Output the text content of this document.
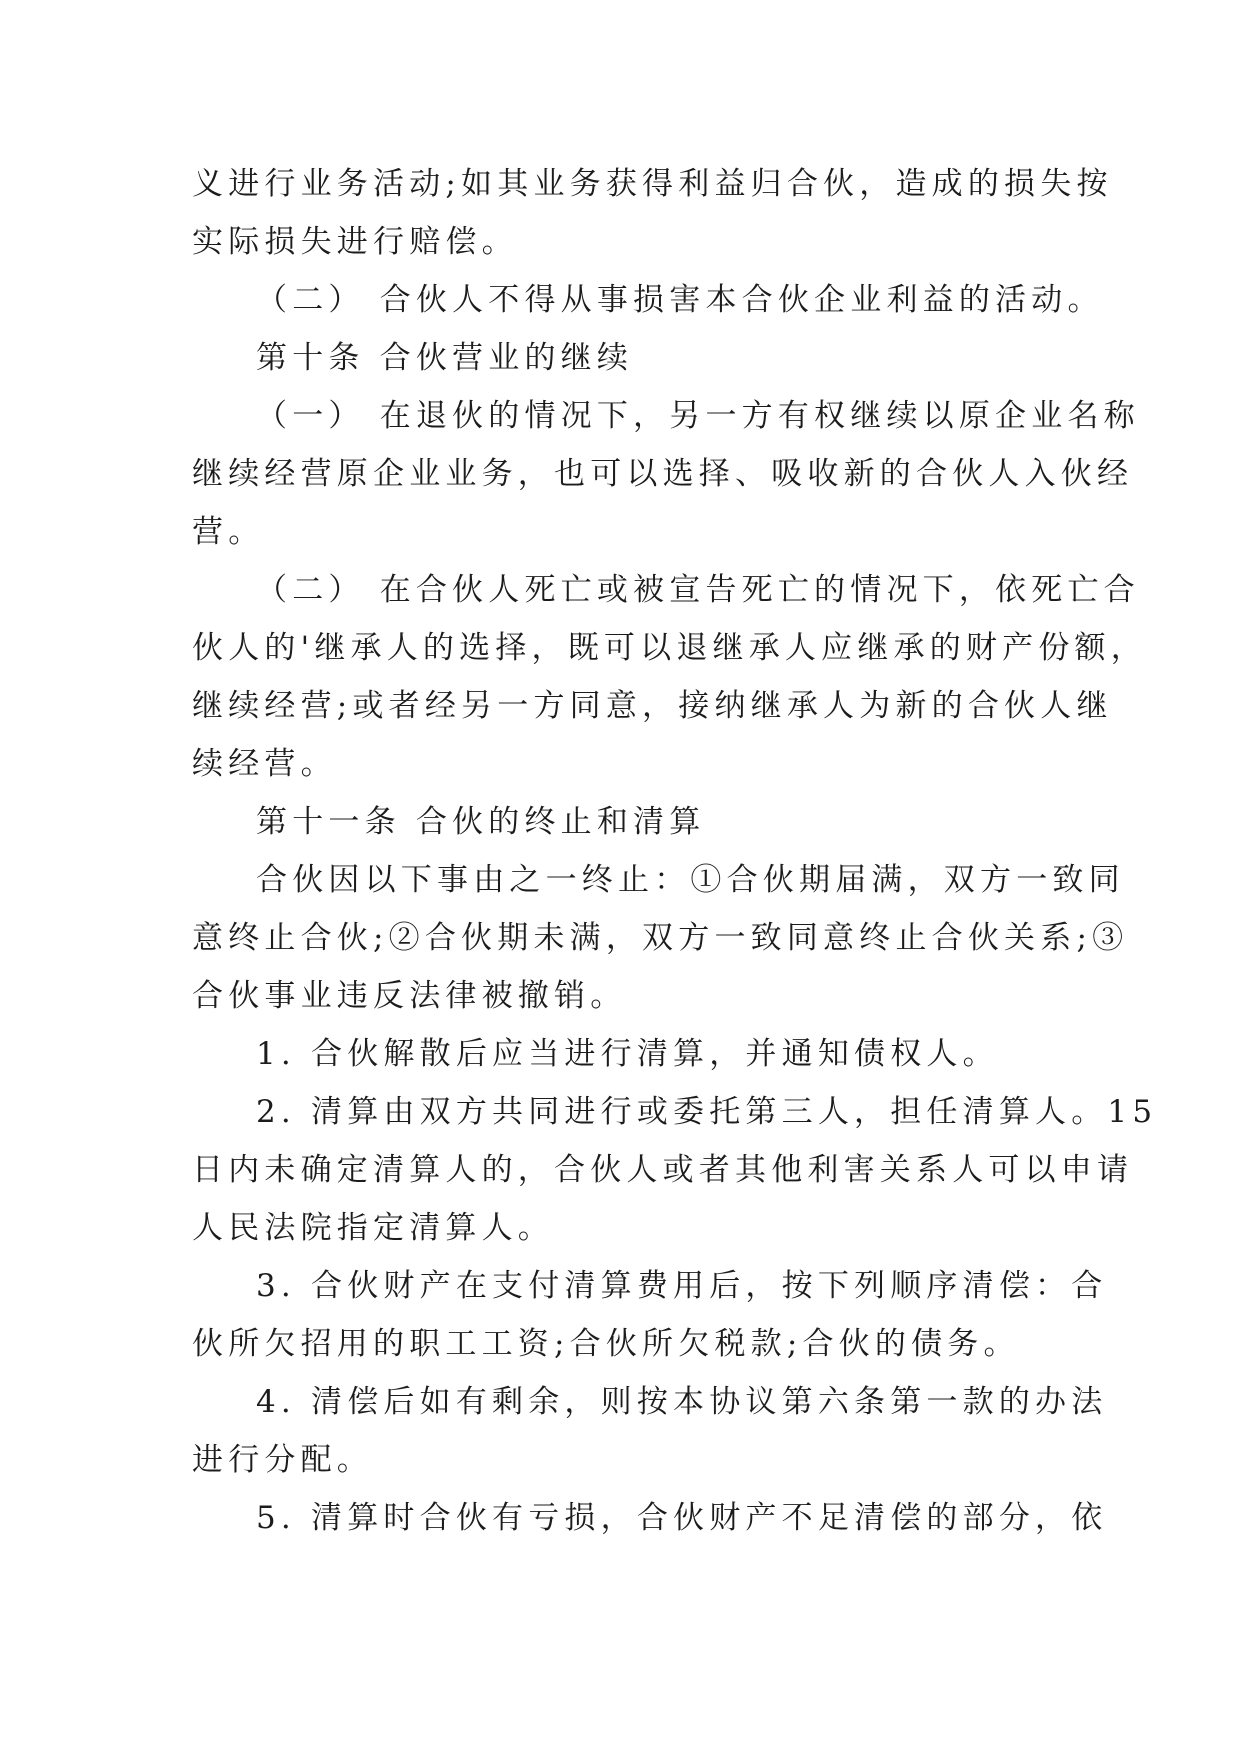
义进行业务活动;如其业务获得利益归合伙，造成的损失按
实际损失进行赔偿。
（二） 合伙人不得从事损害本合伙企业利益的活动。
第十条 合伙营业的继续
（一） 在退伙的情况下，另一方有权继续以原企业名称
继续经营原企业业务，也可以选择、吸收新的合伙人入伙经
营。
（二） 在合伙人死亡或被宣告死亡的情况下，依死亡合
伙人的'继承人的选择，既可以退继承人应继承的财产份额，
继续经营;或者经另一方同意，接纳继承人为新的合伙人继
续经营。
第十一条 合伙的终止和清算
合伙因以下事由之一终止：①合伙期届满，双方一致同
意终止合伙;②合伙期未满，双方一致同意终止合伙关系;③
合伙事业违反法律被撤销。
1. 合伙解散后应当进行清算，并通知债权人。
2. 清算由双方共同进行或委托第三人，担任清算人。15
日内未确定清算人的，合伙人或者其他利害关系人可以申请
人民法院指定清算人。
3. 合伙财产在支付清算费用后，按下列顺序清偿：合
伙所欠招用的职工工资;合伙所欠税款;合伙的债务。
4. 清偿后如有剩余，则按本协议第六条第一款的办法
进行分配。
5. 清算时合伙有亏损，合伙财产不足清偿的部分，依
